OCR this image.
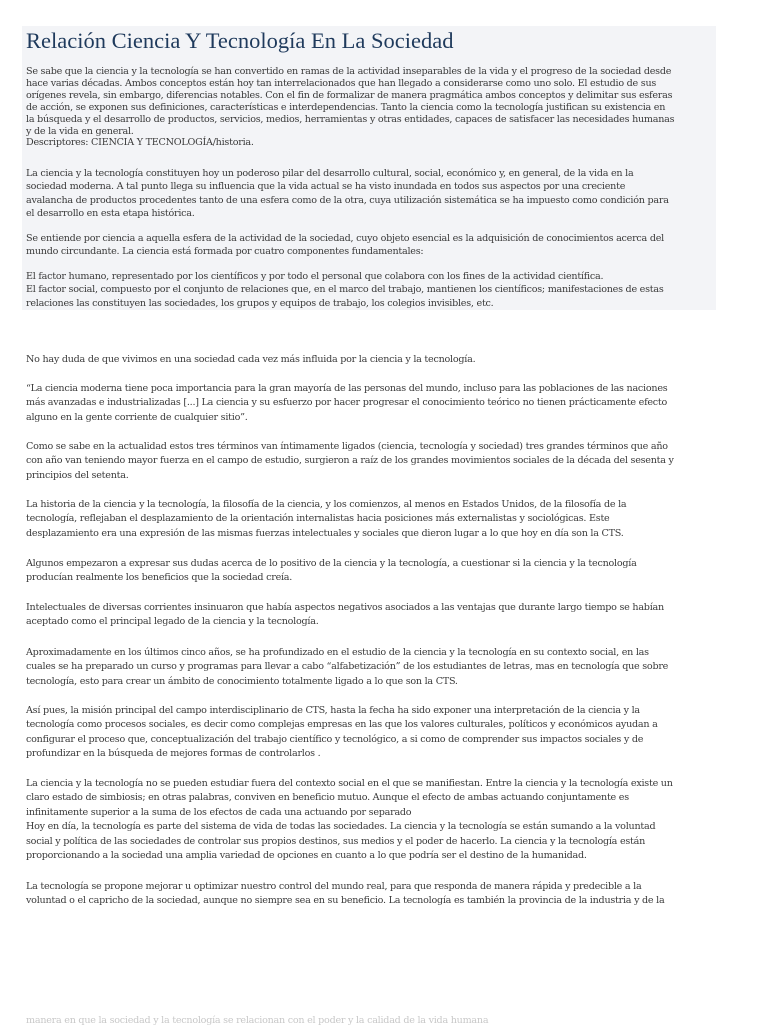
Relación Ciencia Y Tecnología En La Sociedad

Se sabe que la ciencia y la tecnología se han convertido en ramas de la actividad inseparables de la vida y el progreso de la sociedad desde
hace varias décadas. Ambos conceptos están hoy tan interrelacionados que han llegado a considerarse como uno solo. El estudio de sus
orígenes revela, sin embargo, diferencias notables. Con el fin de formalizar de manera pragmática ambos conceptos y delimitar sus esferas
de acción, se exponen sus definiciones, características e interdependencias. Tanto la ciencia como la tecnología justifican su existencia en
la búsqueda y el desarrollo de productos, servicios, medios, herramientas y otras entidades, capaces de satisfacer las necesidades humanas
y de la vida en general.
Descriptores: CIENCIA Y TECNOLOGÍA/historia.

La ciencia y la tecnología constituyen hoy un poderoso pilar del desarrollo cultural, social, económico y, en general, de la vida en la
sociedad moderna. A tal punto llega su influencia que la vida actual se ha visto inundada en todos sus aspectos por una creciente
avalancha de productos procedentes tanto de una esfera como de la otra, cuya utilización sistemática se ha impuesto como condición para
el desarrollo en esta etapa histórica.

Se entiende por ciencia a aquella esfera de la actividad de la sociedad, cuyo objeto esencial es la adquisición de conocimientos acerca del
mundo circundante. La ciencia está formada por cuatro componentes fundamentales:

El factor humano, representado por los científicos y por todo el personal que colabora con los fines de la actividad científica.
El factor social, compuesto por el conjunto de relaciones que, en el marco del trabajo, mantienen los científicos; manifestaciones de estas
relaciones las constituyen las sociedades, los grupos y equipos de trabajo, los colegios invisibles, etc.

No hay duda de que vivimos en una sociedad cada vez más influida por la ciencia y la tecnología.

“La ciencia moderna tiene poca importancia para la gran mayoría de las personas del mundo, incluso para las poblaciones de las naciones
más avanzadas e industrializadas [...] La ciencia y su esfuerzo por hacer progresar el conocimiento teórico no tienen prácticamente efecto
alguno en la gente corriente de cualquier sitio”.

Como se sabe en la actualidad estos tres términos van íntimamente ligados (ciencia, tecnología y sociedad) tres grandes términos que año
con año van teniendo mayor fuerza en el campo de estudio, surgieron a raíz de los grandes movimientos sociales de la década del sesenta y
principios del setenta.

La historia de la ciencia y la tecnología, la filosofía de la ciencia, y los comienzos, al menos en Estados Unidos, de la filosofía de la
tecnología, reflejaban el desplazamiento de la orientación internalistas hacia posiciones más externalistas y sociológicas. Este
desplazamiento era una expresión de las mismas fuerzas intelectuales y sociales que dieron lugar a lo que hoy en día son la CTS.

Algunos empezaron a expresar sus dudas acerca de lo positivo de la ciencia y la tecnología, a cuestionar si la ciencia y la tecnología
producían realmente los beneficios que la sociedad creía.

Intelectuales de diversas corrientes insinuaron que había aspectos negativos asociados a las ventajas que durante largo tiempo se habían
aceptado como el principal legado de la ciencia y la tecnología.

Aproximadamente en los últimos cinco años, se ha profundizado en el estudio de la ciencia y la tecnología en su contexto social, en las
cuales se ha preparado un curso y programas para llevar a cabo “alfabetización” de los estudiantes de letras, mas en tecnología que sobre
tecnología, esto para crear un ámbito de conocimiento totalmente ligado a lo que son la CTS.

Así pues, la misión principal del campo interdisciplinario de CTS, hasta la fecha ha sido exponer una interpretación de la ciencia y la
tecnología como procesos sociales, es decir como complejas empresas en las que los valores culturales, políticos y económicos ayudan a
configurar el proceso que, conceptualización del trabajo científico y tecnológico, a si como de comprender sus impactos sociales y de
profundizar en la búsqueda de mejores formas de controlarlos .

La ciencia y la tecnología no se pueden estudiar fuera del contexto social en el que se manifiestan. Entre la ciencia y la tecnología existe un
claro estado de simbiosis; en otras palabras, conviven en beneficio mutuo. Aunque el efecto de ambas actuando conjuntamente es
infinitamente superior a la suma de los efectos de cada una actuando por separado
Hoy en día, la tecnología es parte del sistema de vida de todas las sociedades. La ciencia y la tecnología se están sumando a la voluntad
social y política de las sociedades de controlar sus propios destinos, sus medios y el poder de hacerlo. La ciencia y la tecnología están
proporcionando a la sociedad una amplia variedad de opciones en cuanto a lo que podría ser el destino de la humanidad.

La tecnología se propone mejorar u optimizar nuestro control del mundo real, para que responda de manera rápida y predecible a la
voluntad o el capricho de la sociedad, aunque no siempre sea en su beneficio. La tecnología es también la provincia de la industria y de la

manera en que la sociedad y la tecnología se relacionan con el poder y la calidad de la vida humana
